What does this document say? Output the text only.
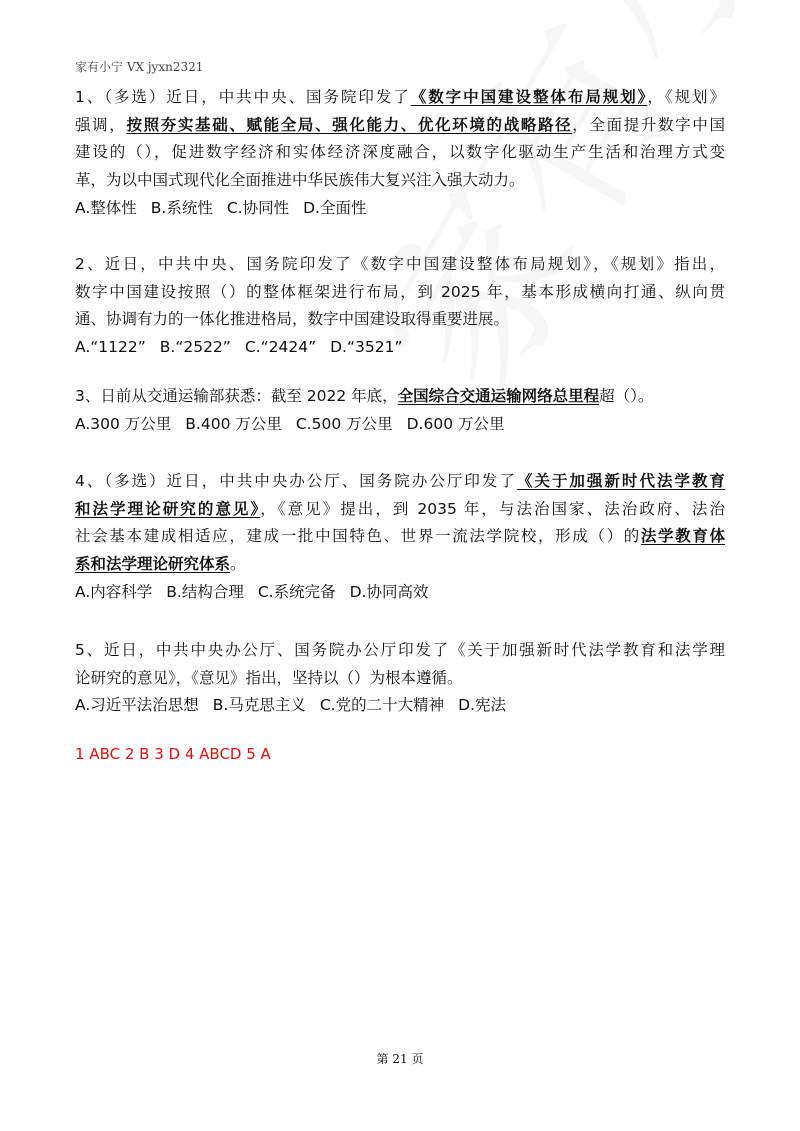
家有小宁 VX jyxn2321
1、（多选）近日，中共中央、国务院印发了《数字中国建设整体布局规划》，《规划》
强调，按照夯实基础、赋能全局、强化能力、优化环境的战略路径，全面提升数字中国
建设的（），促进数字经济和实体经济深度融合，以数字化驱动生产生活和治理方式变
革，为以中国式现代化全面推进中华民族伟大复兴注入强大动力。
A.整体性 B.系统性 C.协同性 D.全面性
2、近日，中共中央、国务院印发了《数字中国建设整体布局规划》，《规划》指出，
数字中国建设按照（）的整体框架进行布局，到 2025 年，基本形成横向打通、纵向贯
通、协调有力的一体化推进格局，数字中国建设取得重要进展。
A.“1122” B.“2522” C.“2424” D.“3521”
3、日前从交通运输部获悉：截至 2022 年底，全国综合交通运输网络总里程超（）。
A.300 万公里 B.400 万公里 C.500 万公里 D.600 万公里
4、（多选）近日，中共中央办公厅、国务院办公厅印发了《关于加强新时代法学教育
和法学理论研究的意见》，《意见》提出，到 2035 年，与法治国家、法治政府、法治
社会基本建成相适应，建成一批中国特色、世界一流法学院校，形成（）的法学教育体
系和法学理论研究体系。
A.内容科学 B.结构合理 C.系统完备 D.协同高效
5、近日，中共中央办公厅、国务院办公厅印发了《关于加强新时代法学教育和法学理
论研究的意见》，《意见》指出，坚持以（）为根本遵循。
A.习近平法治思想 B.马克思主义 C.党的二十大精神 D.宪法
1 ABC 2 B 3 D 4 ABCD 5 A
第 21 页
